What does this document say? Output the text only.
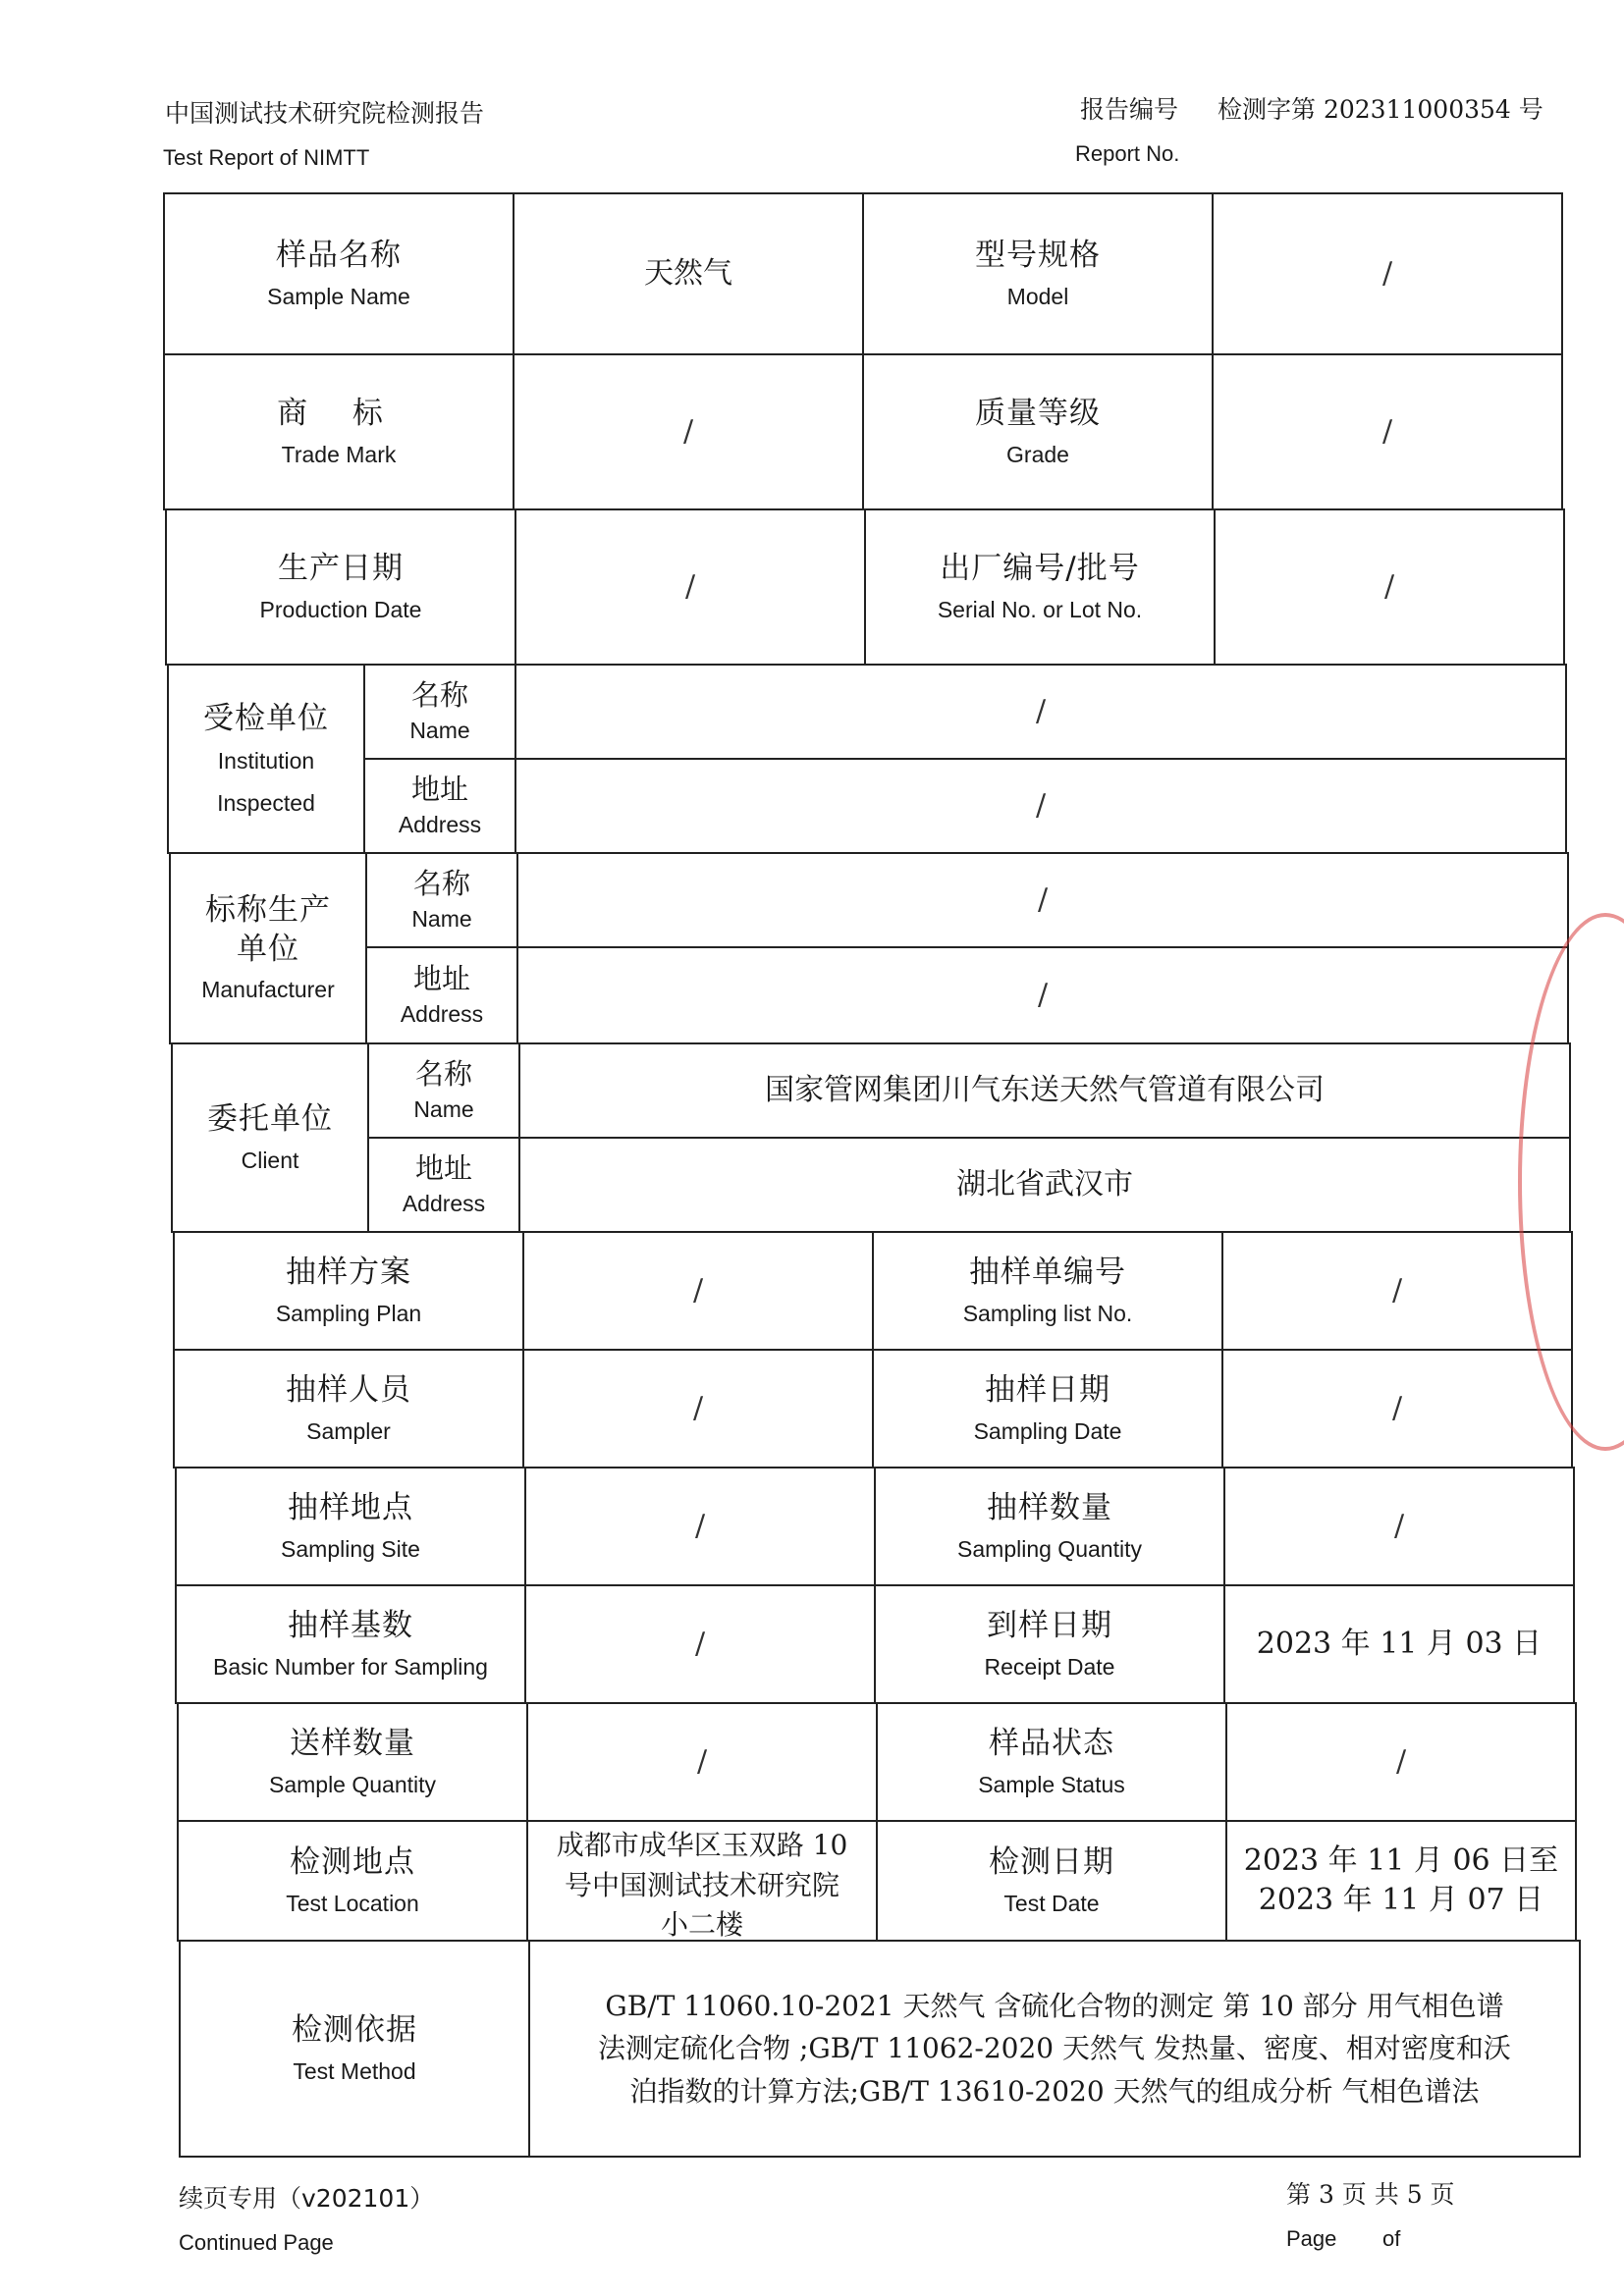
中国测试技术研究院检测报告
Test Report of NIMTT
报告编号 检测字第 202311000354 号
Report No.
样品名称
Sample Name
天然气
型号规格
Model
/
商 标
Trade Mark
/
质量等级
Grade
/
生产日期
Production Date
/
出厂编号/批号
Serial No. or Lot No.
/
受检单位
Institution
Inspected
名称
Name
/
地址
Address
/
标称生产
单位
Manufacturer
名称
Name
/
地址
Address
/
委托单位
Client
名称
Name
国家管网集团川气东送天然气管道有限公司
地址
Address
湖北省武汉市
抽样方案
Sampling Plan
/
抽样单编号
Sampling list No.
/
抽样人员
Sampler
/
抽样日期
Sampling Date
/
抽样地点
Sampling Site
/
抽样数量
Sampling Quantity
/
抽样基数
Basic Number for Sampling
/
到样日期
Receipt Date
2023 年 11 月 03 日
送样数量
Sample Quantity
/
样品状态
Sample Status
/
检测地点
Test Location
成都市成华区玉双路 10
号中国测试技术研究院
小二楼
检测日期
Test Date
2023 年 11 月 06 日至
2023 年 11 月 07 日
检测依据
Test Method
GB/T 11060.10-2021 天然气 含硫化合物的测定 第 10 部分 用气相色谱
法测定硫化合物 ;GB/T 11062-2020 天然气 发热量、密度、相对密度和沃
泊指数的计算方法;GB/T 13610-2020 天然气的组成分析 气相色谱法
续页专用（v202101）
Continued Page
第 3 页 共 5 页
Page of
